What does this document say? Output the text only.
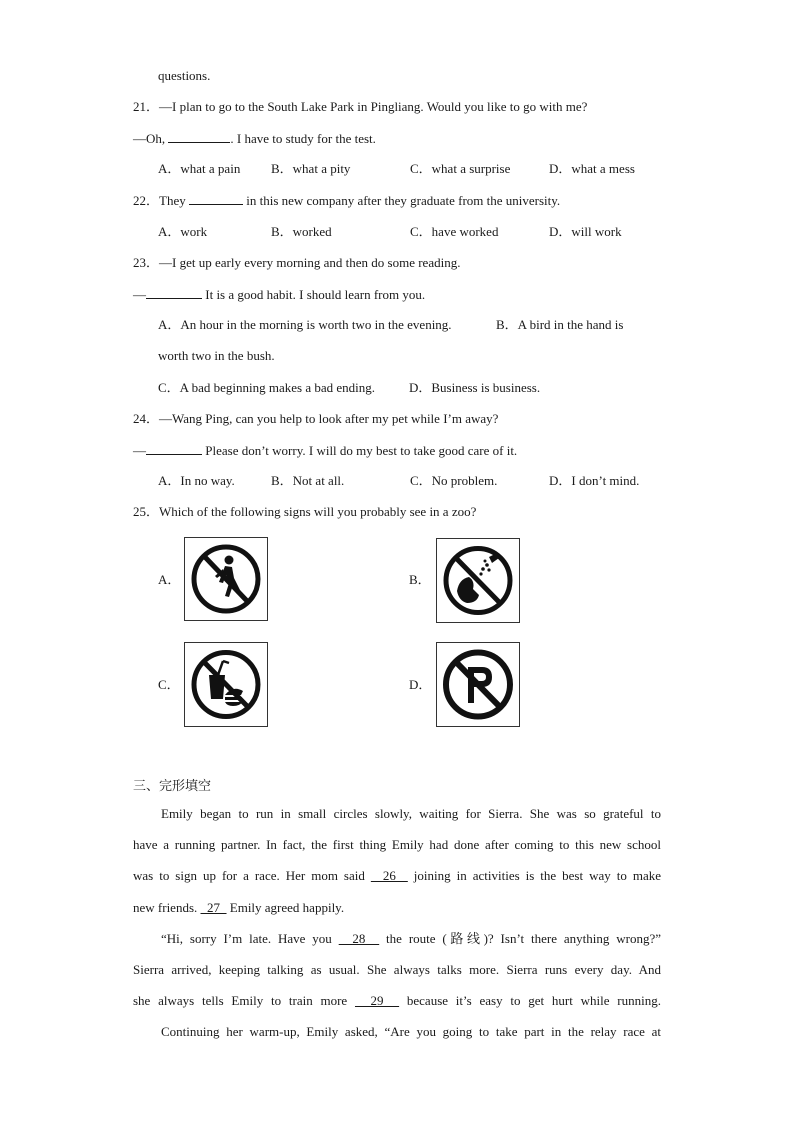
questions.
21．—I plan to go to the South Lake Park in Pingliang. Would you like to go with me?
—Oh,	. I have to study for the test.
A．what a pain B．what a pity	C．what a surprise	D．what a mess
22．They	in this new company after they graduate from the university.
A．work	B．worked	C．have worked	D．will work
23．—I get up early every morning and then do some reading.
—	It is a good habit. I should learn from you.
A．An hour in the morning is worth two in the evening.	B．A bird in the hand is
worth two in the bush.
C．A bad beginning makes a bad ending.	D．Business is business.
24．—Wang Ping, can you help to look after my pet while I’m away?
—	Please don’t worry. I will do my best to take good care of it.
A．In no way.	B．Not at all.	C．No problem.	D．I don’t mind.
25．Which of the following signs will you probably see in a zoo?
A．	B．
C．	D．
三、完形填空
Emily began to run in small circles slowly, waiting for Sierra. She was so grateful to
have a running partner. In fact, the first thing Emily had done after coming to this new school
was to sign up for a race. Her mom said   26   joining in activities is the best way to make
new friends.   27   Emily agreed happily.
“Hi, sorry I’m late. Have you   28   the route (路线)? Isn’t there anything wrong?”
Sierra arrived, keeping talking as usual. She always talks more. Sierra runs every day. And
she always tells Emily to train more   29   because it’s easy to get hurt while running.
Continuing her warm-up, Emily asked, “Are you going to take part in the relay race at
